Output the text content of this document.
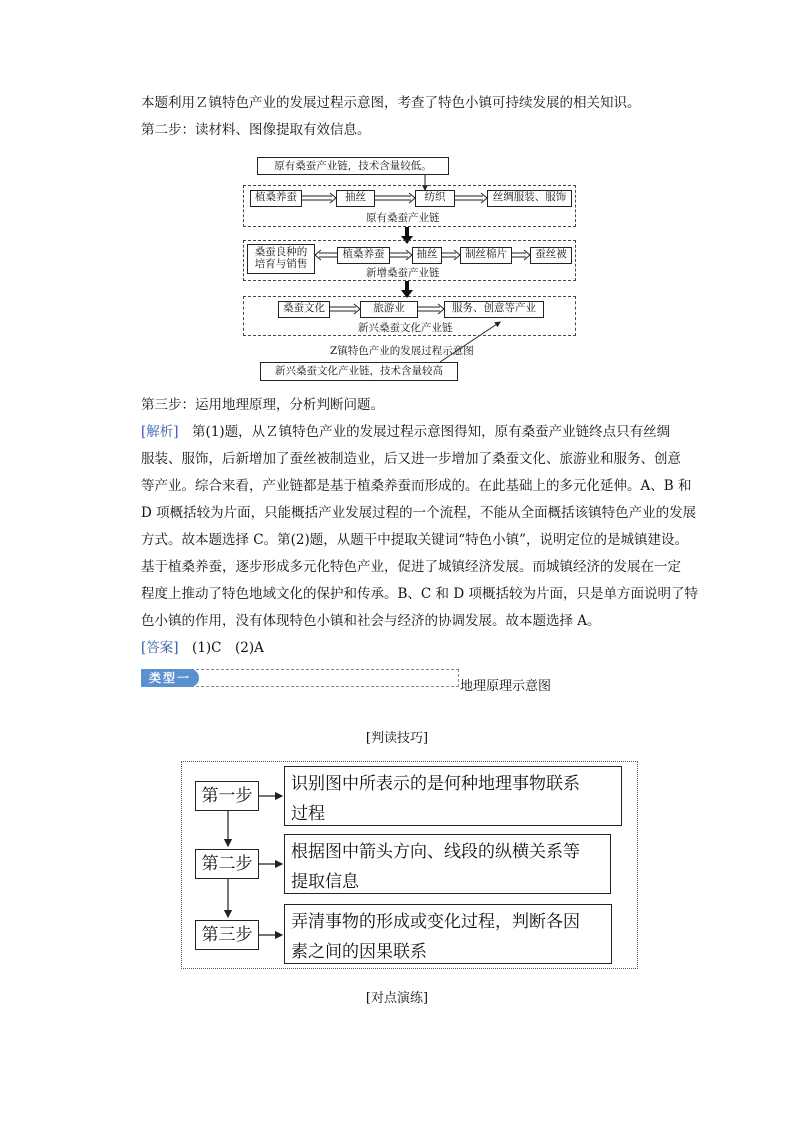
本题利用Ｚ镇特色产业的发展过程示意图，考查了特色小镇可持续发展的相关知识。
第二步：读材料、图像提取有效信息。
原有桑蚕产业链，技术含量较低。
植桑养蚕	抽丝	纺织	丝绸服装、服饰
原有桑蚕产业链
桑蚕良种的培育与销售
植桑养蚕	抽丝	制丝棉片	蚕丝被
新增桑蚕产业链
桑蚕文化	旅游业	服务、创意等产业
新兴桑蚕文化产业链
Z镇特色产业的发展过程示意图
新兴桑蚕文化产业链，技术含量较高
第三步：运用地理原理，分析判断问题。
[解析]　第(1)题，从Ｚ镇特色产业的发展过程示意图得知，原有桑蚕产业链终点只有丝绸
服装、服饰，后新增加了蚕丝被制造业，后又进一步增加了桑蚕文化、旅游业和服务、创意
等产业。综合来看，产业链都是基于植桑养蚕而形成的。在此基础上的多元化延伸。A、B 和
D 项概括较为片面，只能概括产业发展过程的一个流程，不能从全面概括该镇特色产业的发展
方式。故本题选择 C。第(2)题，从题干中提取关键词“特色小镇”，说明定位的是城镇建设。
基于植桑养蚕，逐步形成多元化特色产业，促进了城镇经济发展。而城镇经济的发展在一定
程度上推动了特色地域文化的保护和传承。B、C 和 D 项概括较为片面，只是单方面说明了特
色小镇的作用，没有体现特色小镇和社会与经济的协调发展。故本题选择 A。
[答案]　(1)C　(2)A
类型一
地理原理示意图
[判读技巧]
第一步
识别图中所表示的是何种地理事物联系
过程
第二步
根据图中箭头方向、线段的纵横关系等
提取信息
第三步
弄清事物的形成或变化过程，判断各因
素之间的因果联系
[对点演练]
